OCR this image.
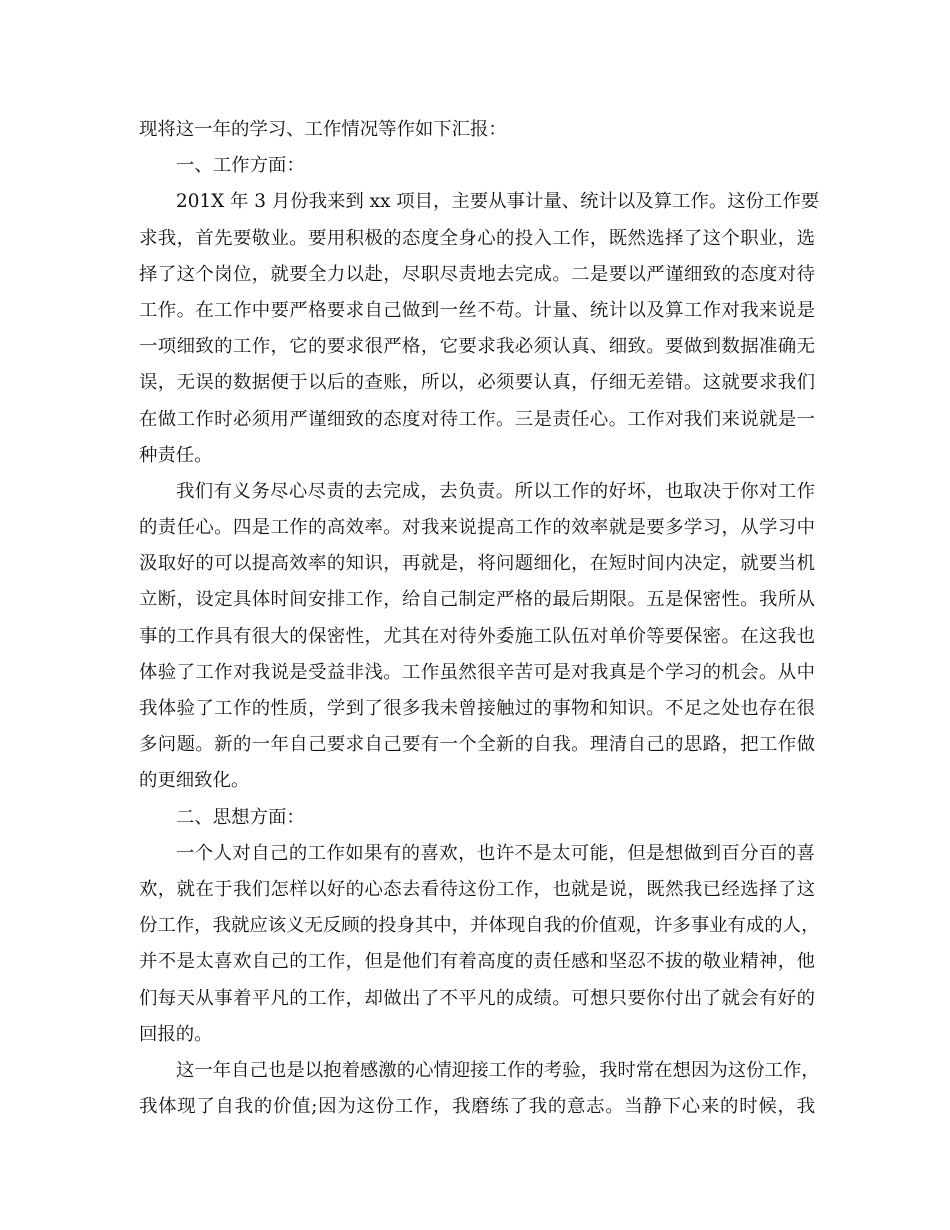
现将这一年的学习、工作情况等作如下汇报：
一、工作方面：
201X 年 3 月份我来到 xx 项目，主要从事计量、统计以及算工作。这份工作要
求我，首先要敬业。要用积极的态度全身心的投入工作，既然选择了这个职业，选
择了这个岗位，就要全力以赴，尽职尽责地去完成。二是要以严谨细致的态度对待
工作。在工作中要严格要求自己做到一丝不苟。计量、统计以及算工作对我来说是
一项细致的工作，它的要求很严格，它要求我必须认真、细致。要做到数据准确无
误，无误的数据便于以后的查账，所以，必须要认真，仔细无差错。这就要求我们
在做工作时必须用严谨细致的态度对待工作。三是责任心。工作对我们来说就是一
种责任。
我们有义务尽心尽责的去完成，去负责。所以工作的好坏，也取决于你对工作
的责任心。四是工作的高效率。对我来说提高工作的效率就是要多学习，从学习中
汲取好的可以提高效率的知识，再就是，将问题细化，在短时间内决定，就要当机
立断，设定具体时间安排工作，给自己制定严格的最后期限。五是保密性。我所从
事的工作具有很大的保密性，尤其在对待外委施工队伍对单价等要保密。在这我也
体验了工作对我说是受益非浅。工作虽然很辛苦可是对我真是个学习的机会。从中
我体验了工作的性质，学到了很多我未曾接触过的事物和知识。不足之处也存在很
多问题。新的一年自己要求自己要有一个全新的自我。理清自己的思路，把工作做
的更细致化。
二、思想方面：
一个人对自己的工作如果有的喜欢，也许不是太可能，但是想做到百分百的喜
欢，就在于我们怎样以好的心态去看待这份工作，也就是说，既然我已经选择了这
份工作，我就应该义无反顾的投身其中，并体现自我的价值观，许多事业有成的人，
并不是太喜欢自己的工作，但是他们有着高度的责任感和坚忍不拔的敬业精神，他
们每天从事着平凡的工作，却做出了不平凡的成绩。可想只要你付出了就会有好的
回报的。
这一年自己也是以抱着感激的心情迎接工作的考验，我时常在想因为这份工作，
我体现了自我的价值;因为这份工作，我磨练了我的意志。当静下心来的时候，我
